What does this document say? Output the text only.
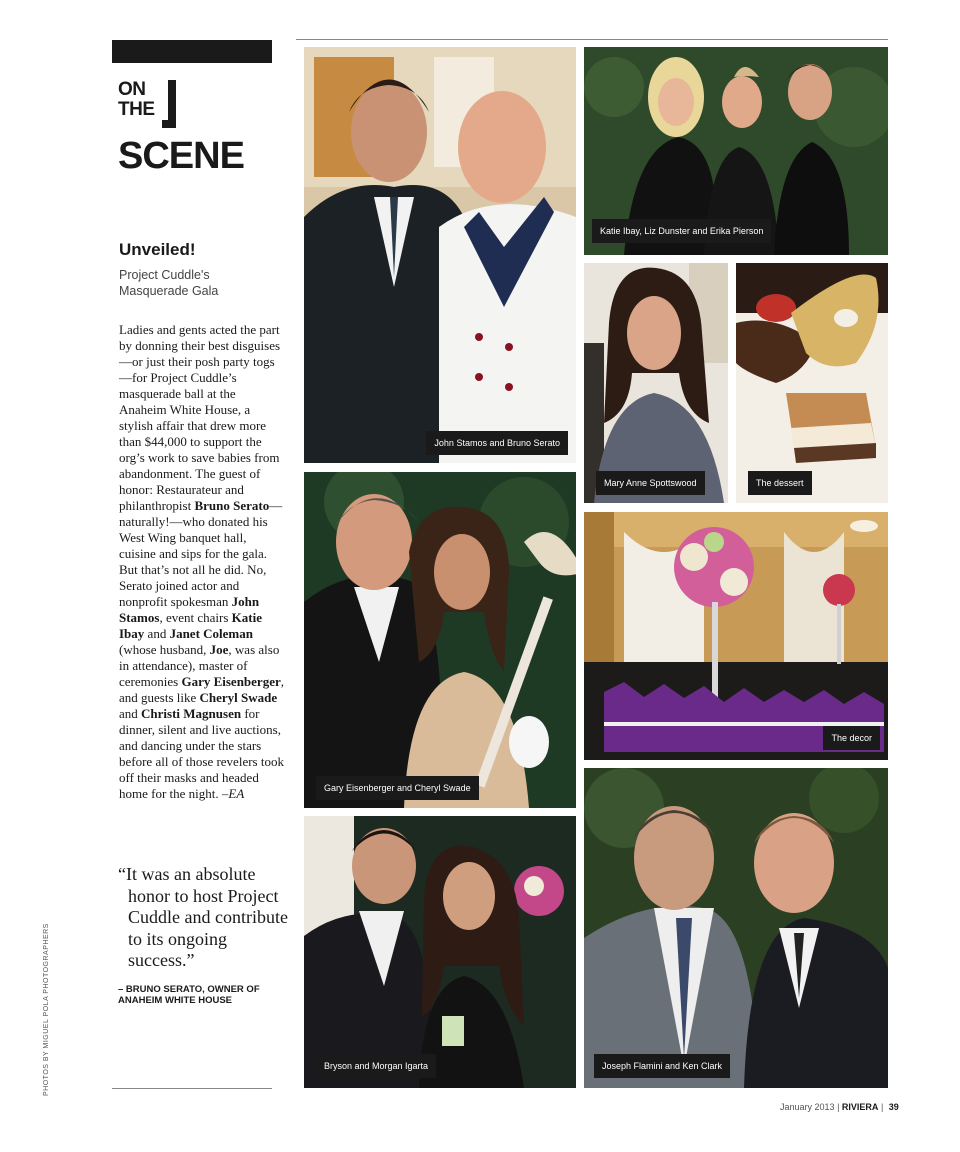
ON
THE
SCENE
Unveiled!
Project Cuddle's Masquerade Gala
Ladies and gents acted the part by donning their best disguises—or just their posh party togs—for Project Cuddle’s masquerade ball at the Anaheim White House, a stylish affair that drew more than $44,000 to support the org’s work to save babies from abandonment. The guest of honor: Restaurateur and philanthropist Bruno Serato—naturally!—who donated his West Wing banquet hall, cuisine and sips for the gala. But that’s not all he did. No, Serato joined actor and nonprofit spokesman John Stamos, event chairs Katie Ibay and Janet Coleman (whose husband, Joe, was also in attendance), master of ceremonies Gary Eisenberger, and guests like Cheryl Swade and Christi Magnusen for dinner, silent and live auctions, and dancing under the stars before all of those revelers took off their masks and headed home for the night. –EA
“It was an absolute honor to host Project Cuddle and contribute to its ongoing success.”
– BRUNO SERATO, OWNER OF ANAHEIM WHITE HOUSE
PHOTOS BY MIGUEL POLA PHOTOGRAPHERS
January 2013 | RIVIERA | 39
John Stamos and Bruno Serato
Katie Ibay, Liz Dunster and Erika Pierson
Mary Anne Spottswood	The dessert
Gary Eisenberger and Cheryl Swade
The decor
Bryson and Morgan Igarta	Joseph Flamini and Ken Clark
